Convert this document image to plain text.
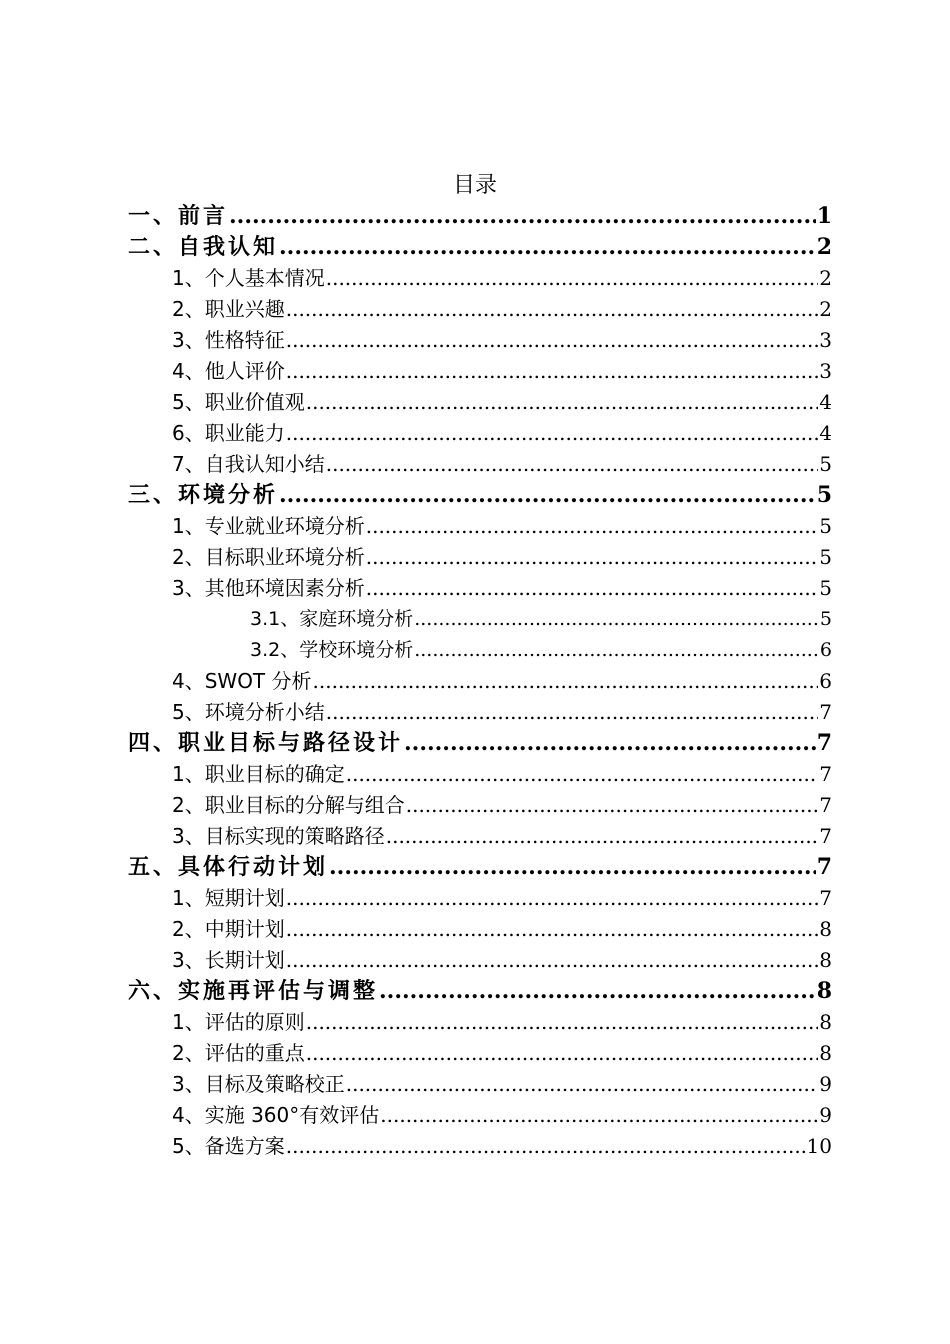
目录
一、前言 .....	1
二、自我认知 .....	2
1、个人基本情况 .....	2
2、职业兴趣 .....	2
3、性格特征 .....	3
4、他人评价 .....	3
5、职业价值观 .....	4
6、职业能力 .....	4
7、自我认知小结 .....	5
三、环境分析 .....	5
1、专业就业环境分析 .....	5
2、目标职业环境分析 .....	5
3、其他环境因素分析 .....	5
3.1、家庭环境分析 .....	5
3.2、学校环境分析 .....	6
4、SWOT 分析 .....	6
5、环境分析小结 .....	7
四、职业目标与路径设计 .....	7
1、职业目标的确定 .....	7
2、职业目标的分解与组合 .....	7
3、目标实现的策略路径 .....	7
五、具体行动计划 .....	7
1、短期计划 .....	7
2、中期计划 .....	8
3、长期计划 .....	8
六、实施再评估与调整 .....	8
1、评估的原则 .....	8
2、评估的重点 .....	8
3、目标及策略校正 .....	9
4、实施 360°有效评估 .....	9
5、备选方案 .....	10
